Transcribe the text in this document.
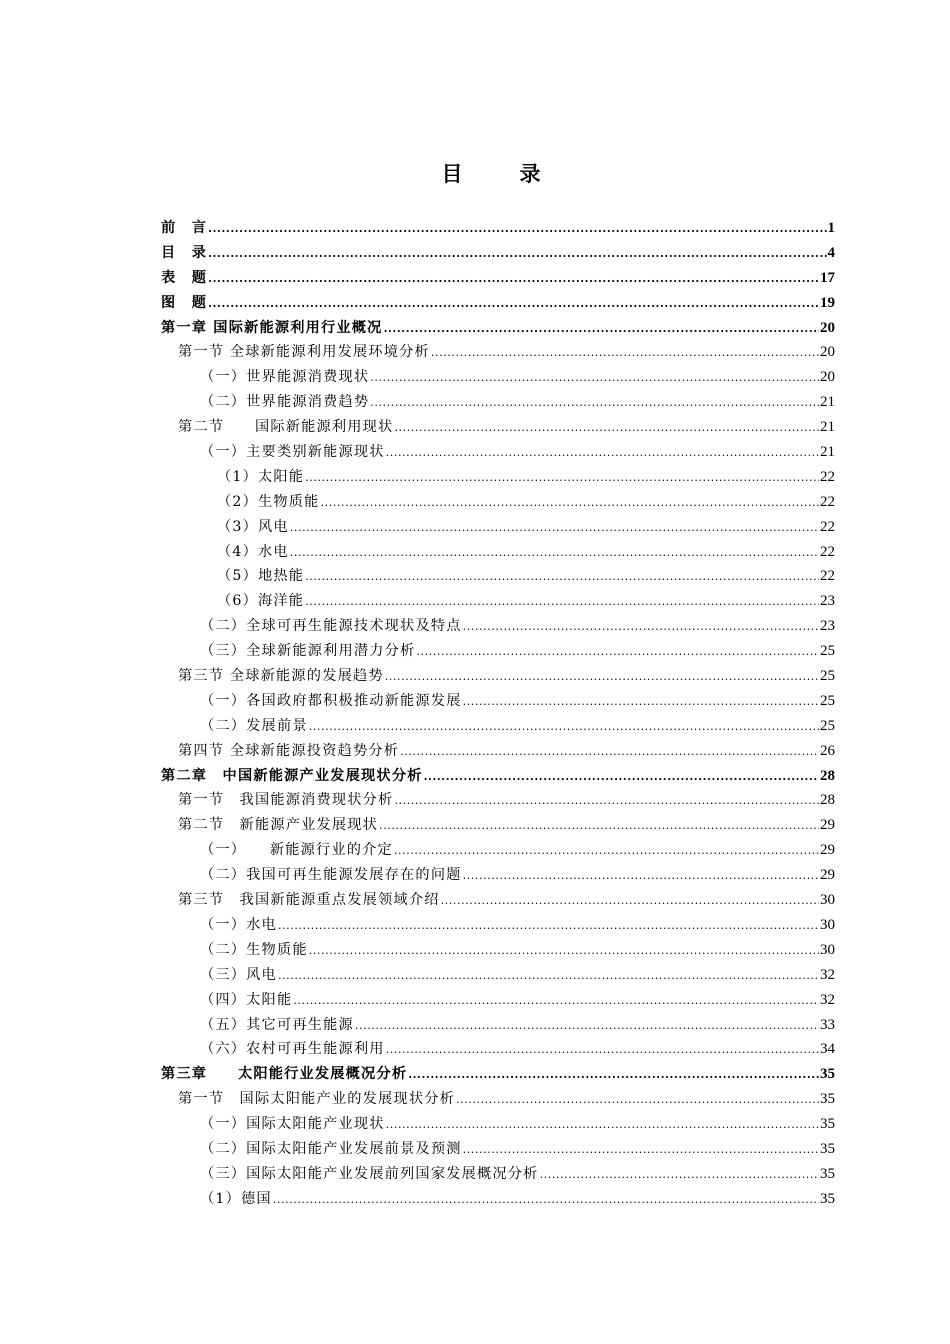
目　录
前　言 .....	1
目　录 .....	4
表　题 .....	17
图　题 .....	19
第一章 国际新能源利用行业概况 .....	20
第一节 全球新能源利用发展环境分析 .....	20
（一）世界能源消费现状 .....	20
（二）世界能源消费趋势 .....	21
第二节　　国际新能源利用现状 .....	21
（一）主要类别新能源现状 .....	21
（1）太阳能 .....	22
（2）生物质能 .....	22
（3）风电 .....	22
（4）水电 .....	22
（5）地热能 .....	22
（6）海洋能 .....	23
（二）全球可再生能源技术现状及特点 .....	23
（三）全球新能源利用潜力分析 .....	25
第三节 全球新能源的发展趋势 .....	25
（一）各国政府都积极推动新能源发展 .....	25
（二）发展前景 .....	25
第四节 全球新能源投资趋势分析 .....	26
第二章　中国新能源产业发展现状分析 .....	28
第一节　我国能源消费现状分析 .....	28
第二节　新能源产业发展现状 .....	29
（一）　　新能源行业的介定 .....	29
（二）我国可再生能源发展存在的问题 .....	29
第三节　我国新能源重点发展领域介绍 .....	30
（一）水电 .....	30
（二）生物质能 .....	30
（三）风电 .....	32
（四）太阳能 .....	32
（五）其它可再生能源 .....	33
（六）农村可再生能源利用 .....	34
第三章　　太阳能行业发展概况分析 .....	35
第一节　国际太阳能产业的发展现状分析 .....	35
（一）国际太阳能产业现状 .....	35
（二）国际太阳能产业发展前景及预测 .....	35
（三）国际太阳能产业发展前列国家发展概况分析 .....	35
（1）德国 .....	35
